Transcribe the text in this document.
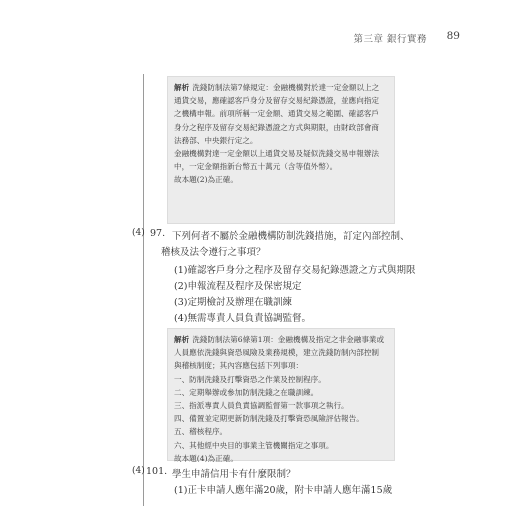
第三章 銀行實務 89
解析 洗錢防制法第7條規定：金融機構對於達一定金額以上之
通貨交易，應確認客戶身分及留存交易紀錄憑證，並應向指定
之機構申報。前項所稱一定金額、通貨交易之範圍、確認客戶
身分之程序及留存交易紀錄憑證之方式與期限，由財政部會商
法務部、中央銀行定之。
金融機構對達一定金額以上通貨交易及疑似洗錢交易申報辦法
中，一定金額指新台幣五十萬元（含等值外幣）。
故本題(2)為正確。
(4) 97. 下列何者不屬於金融機構防制洗錢措施，訂定內部控制、
稽核及法令遵行之事項？
(1)確認客戶身分之程序及留存交易紀錄憑證之方式與期限
(2)申報流程及程序及保密規定
(3)定期檢討及辦理在職訓練
(4)無需專責人員負責協調監督。
解析 洗錢防制法第6條第1項：金融機構及指定之非金融事業或
人員應依洗錢與資恐風險及業務規模，建立洗錢防制內部控制
與稽核制度；其內容應包括下列事項：
一、防制洗錢及打擊資恐之作業及控制程序。
二、定期舉辦或參加防制洗錢之在職訓練。
三、指派專責人員負責協調監督第一款事項之執行。
四、備置並定期更新防制洗錢及打擊資恐風險評估報告。
五、稽核程序。
六、其他經中央目的事業主管機關指定之事項。
故本題(4)為正確。
(4) 101. 學生申請信用卡有什麼限制？
(1)正卡申請人應年滿20歲，附卡申請人應年滿15歲
